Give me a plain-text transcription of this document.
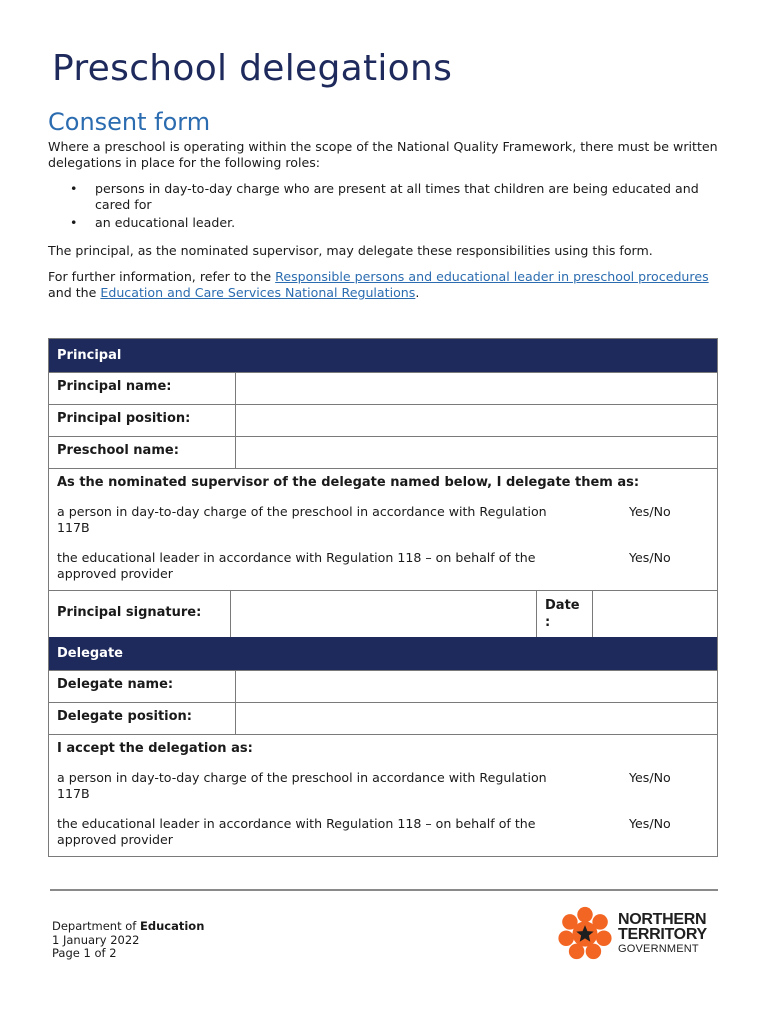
Preschool delegations
Consent form

Where a preschool is operating within the scope of the National Quality Framework, there must be written delegations in place for the following roles:

• persons in day-to-day charge who are present at all times that children are being educated and cared for
• an educational leader.

The principal, as the nominated supervisor, may delegate these responsibilities using this form.

For further information, refer to the Responsible persons and educational leader in preschool procedures and the Education and Care Services National Regulations.

Principal
Principal name:
Principal position:
Preschool name:
As the nominated supervisor of the delegate named below, I delegate them as:
a person in day-to-day charge of the preschool in accordance with Regulation 117B
Yes/No
the educational leader in accordance with Regulation 118 – on behalf of the approved provider
Yes/No
Principal signature:	Date :
Delegate
Delegate name:
Delegate position:
I accept the delegation as:
a person in day-to-day charge of the preschool in accordance with Regulation 117B
Yes/No
the educational leader in accordance with Regulation 118 – on behalf of the approved provider
Yes/No
Department of Education
1 January 2022
Page 1 of 2
NORTHERN
TERRITORY
GOVERNMENT
